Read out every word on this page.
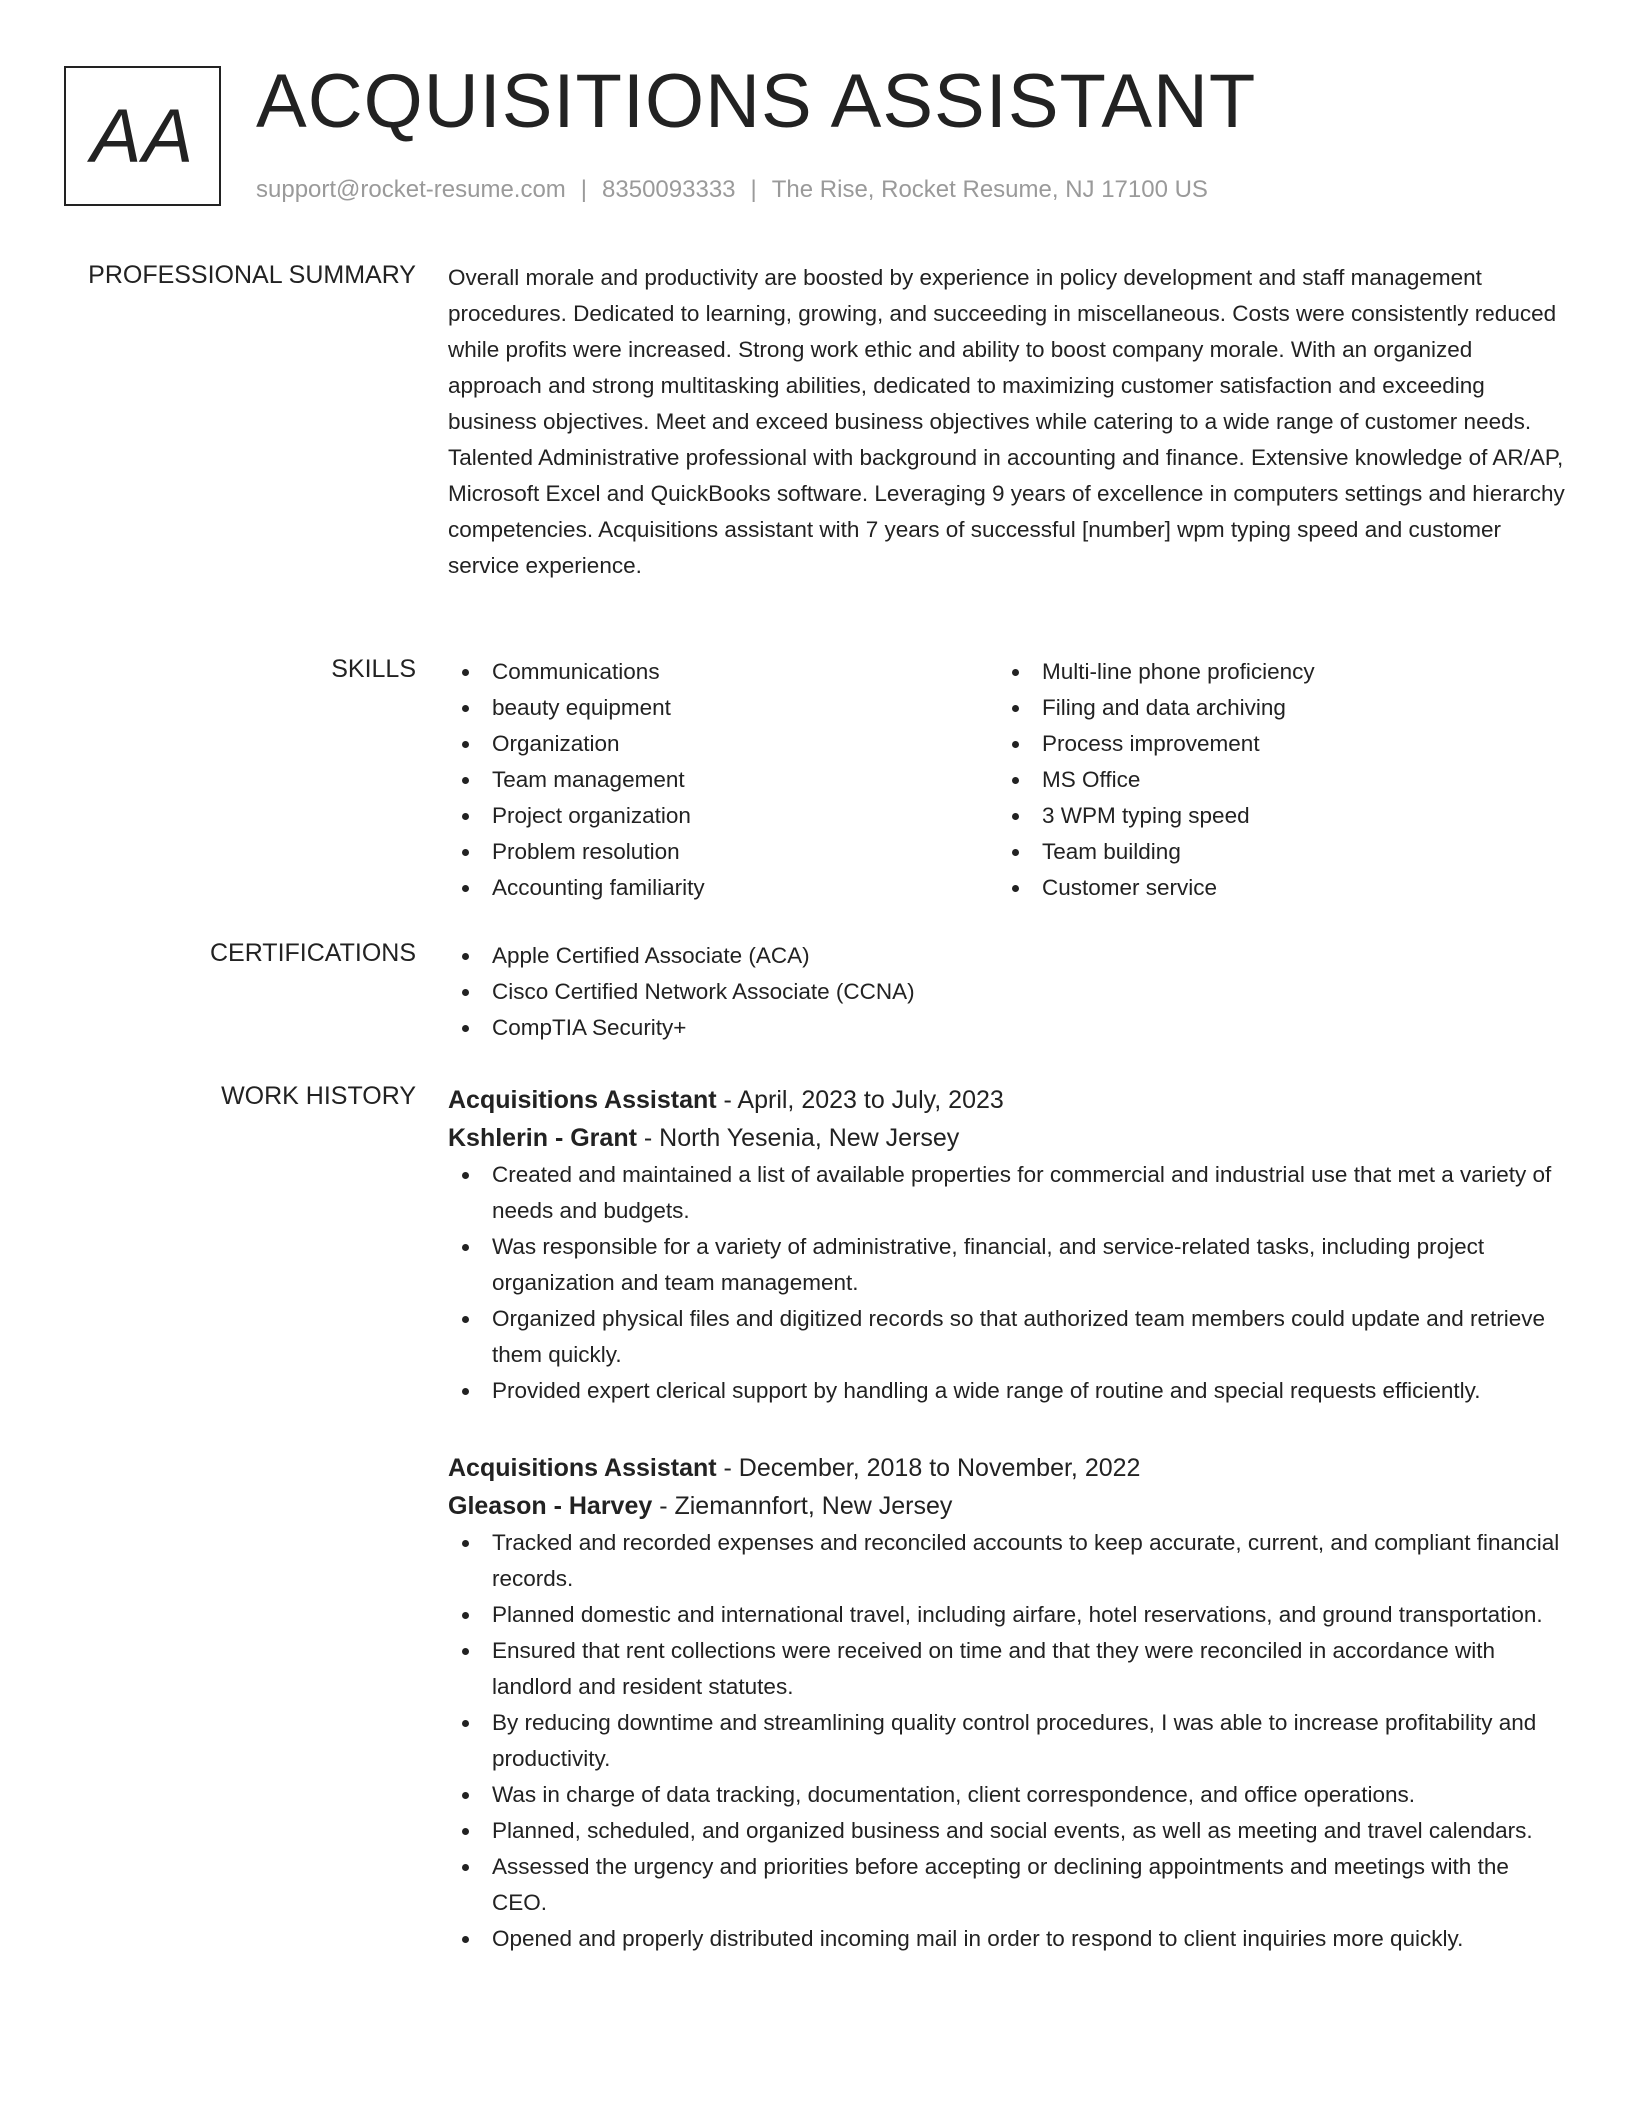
AA ACQUISITIONS ASSISTANT
support@rocket-resume.com | 8350093333 | The Rise, Rocket Resume, NJ 17100 US
PROFESSIONAL SUMMARY Overall morale and productivity are boosted by experience in policy development and staff management procedures. Dedicated to learning, growing, and succeeding in miscellaneous. Costs were consistently reduced while profits were increased. Strong work ethic and ability to boost company morale. With an organized approach and strong multitasking abilities, dedicated to maximizing customer satisfaction and exceeding business objectives. Meet and exceed business objectives while catering to a wide range of customer needs. Talented Administrative professional with background in accounting and finance. Extensive knowledge of AR/AP, Microsoft Excel and QuickBooks software. Leveraging 9 years of excellence in computers settings and hierarchy competencies. Acquisitions assistant with 7 years of successful [number] wpm typing speed and customer service experience.

SKILLS	Communications
beauty equipment
Organization
Team management
Project organization
Problem resolution
Accounting familiarity
Multi-line phone proficiency
Filing and data archiving
Process improvement
MS Office
3 WPM typing speed
Team building
Customer service
CERTIFICATIONS	Apple Certified Associate (ACA)
Cisco Certified Network Associate (CCNA)
CompTIA Security+
WORK HISTORY Acquisitions Assistant - April, 2023 to July, 2023
Kshlerin - Grant - North Yesenia, New Jersey
Created and maintained a list of available properties for commercial and industrial use that met a variety of needs and budgets.
Was responsible for a variety of administrative, financial, and service-related tasks, including project organization and team management.
Organized physical files and digitized records so that authorized team members could update and retrieve them quickly.
Provided expert clerical support by handling a wide range of routine and special requests efficiently.
Acquisitions Assistant - December, 2018 to November, 2022
Gleason - Harvey - Ziemannfort, New Jersey
Tracked and recorded expenses and reconciled accounts to keep accurate, current, and compliant financial records.
Planned domestic and international travel, including airfare, hotel reservations, and ground transportation.
Ensured that rent collections were received on time and that they were reconciled in accordance with landlord and resident statutes.
By reducing downtime and streamlining quality control procedures, I was able to increase profitability and productivity.
Was in charge of data tracking, documentation, client correspondence, and office operations.
Planned, scheduled, and organized business and social events, as well as meeting and travel calendars.
Assessed the urgency and priorities before accepting or declining appointments and meetings with the CEO.
Opened and properly distributed incoming mail in order to respond to client inquiries more quickly.
